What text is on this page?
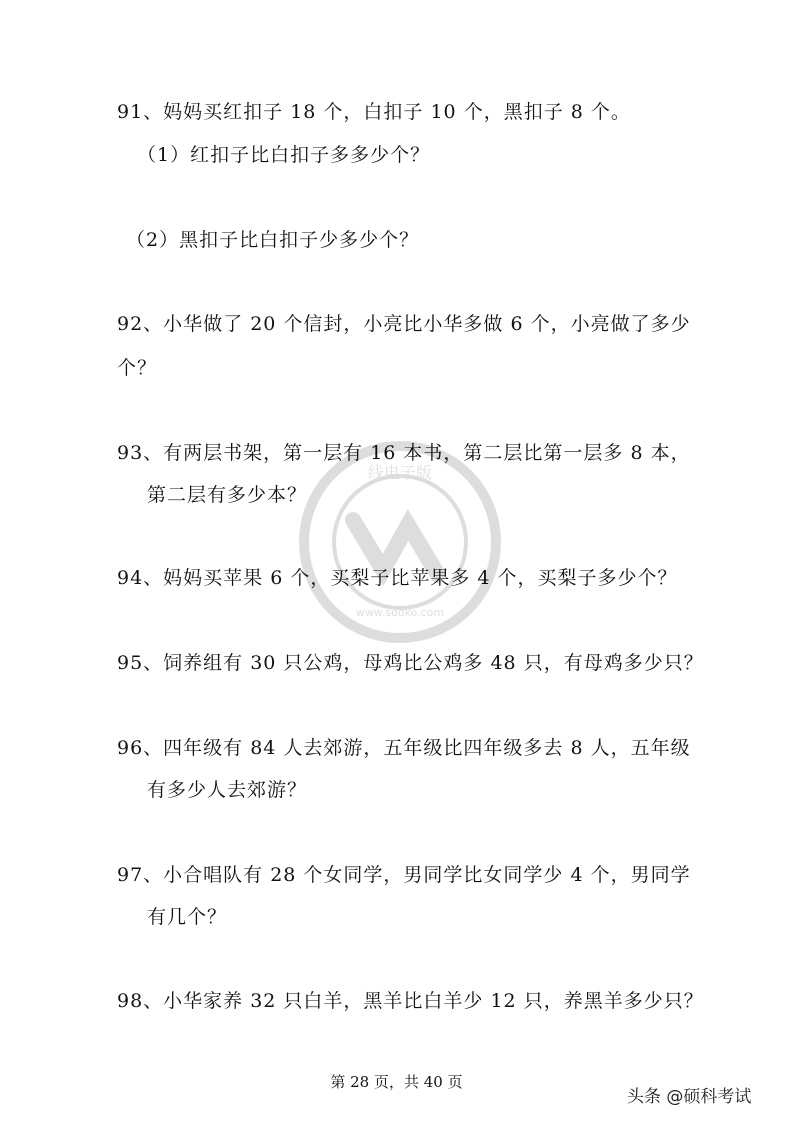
91、妈妈买红扣子 18 个，白扣子 10 个，黑扣子 8 个。
（1）红扣子比白扣子多多少个？
（2）黑扣子比白扣子少多少个？
92、小华做了 20 个信封，小亮比小华多做 6 个，小亮做了多少
个？
93、有两层书架，第一层有 16 本书，第二层比第一层多 8 本，
第二层有多少本？
94、妈妈买苹果 6 个，买梨子比苹果多 4 个，买梨子多少个？
95、饲养组有 30 只公鸡，母鸡比公鸡多 48 只，有母鸡多少只？
96、四年级有 84 人去郊游，五年级比四年级多去 8 人，五年级
有多少人去郊游？
97、小合唱队有 28 个女同学，男同学比女同学少 4 个，男同学
有几个？
98、小华家养 32 只白羊，黑羊比白羊少 12 只，养黑羊多少只？
线电子版
www.sooko.com
第 28 页，共 40 页
头条 @硕科考试
